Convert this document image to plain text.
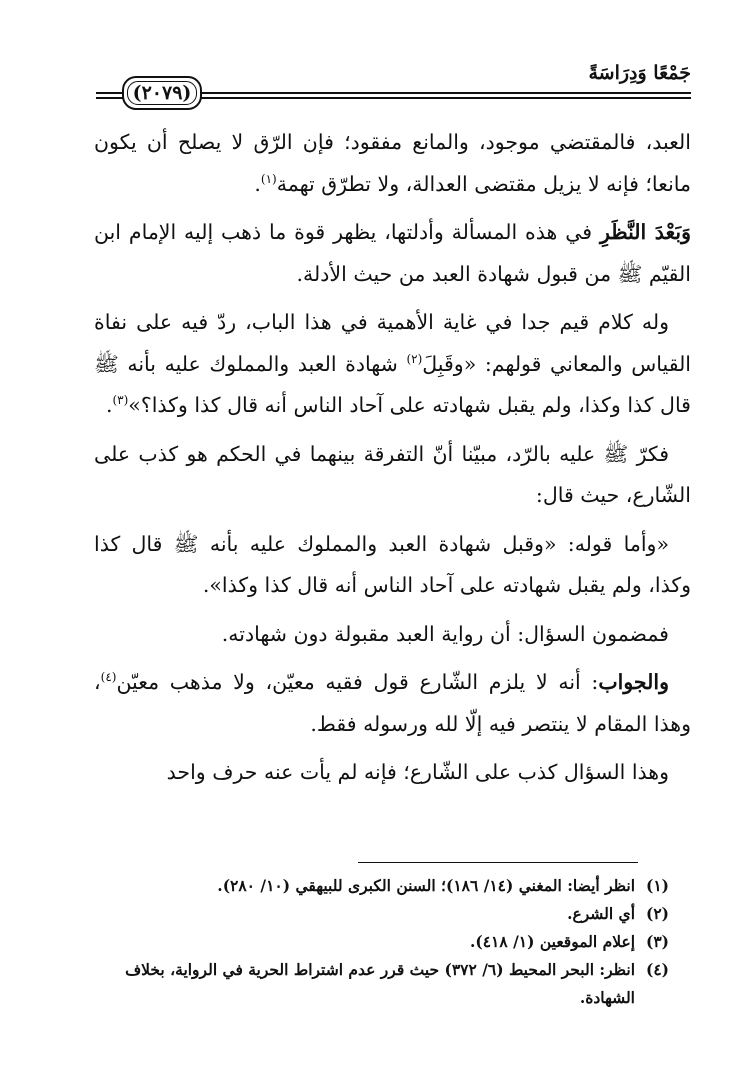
(٢٠٧٩)
جَمْعًا وَدِرَاسَةً

العبد، فالمقتضي موجود، والمانع مفقود؛ فإن الرّق لا يصلح أن يكون مانعا؛ فإنه لا يزيل مقتضى العدالة، ولا تطرّق تهمة$^{(١)}$.

وَبَعْدَ النَّظَرِ في هذه المسألة وأدلتها، يظهر قوة ما ذهب إليه الإمام ابن القيّم ﷺ من قبول شهادة العبد من حيث الأدلة.

وله كلام قيم جدا في غاية الأهمية في هذا الباب، ردّ فيه على نفاة القياس والمعاني قولهم: «وقَبِلَ$^{(٢)}$ شهادة العبد والمملوك عليه بأنه ﷺ قال كذا وكذا، ولم يقبل شهادته على آحاد الناس أنه قال كذا وكذا؟»$^{(٣)}$.

فكرّ ﷺ عليه بالرّد، مبيّنا أنّ التفرقة بينهما في الحكم هو كذب على الشّارع، حيث قال:

«وأما قوله: «وقبل شهادة العبد والمملوك عليه بأنه ﷺ قال كذا وكذا، ولم يقبل شهادته على آحاد الناس أنه قال كذا وكذا».

فمضمون السؤال: أن رواية العبد مقبولة دون شهادته.

والجواب: أنه لا يلزم الشّارع قول فقيه معيّن، ولا مذهب معيّن$^{(٤)}$، وهذا المقام لا ينتصر فيه إلّا لله ورسوله فقط.

وهذا السؤال كذب على الشّارع؛ فإنه لم يأت عنه حرف واحد

(١)
انظر أيضا: المغني (١٤/ ١٨٦)؛ السنن الكبرى للبيهقي (١٠/ ٢٨٠).

(٢)
أي الشرع.

(٣)
إعلام الموقعين (١/ ٤١٨).

(٤)
انظر: البحر المحيط (٦/ ٣٧٢) حيث قرر عدم اشتراط الحرية في الرواية، بخلاف الشهادة.
